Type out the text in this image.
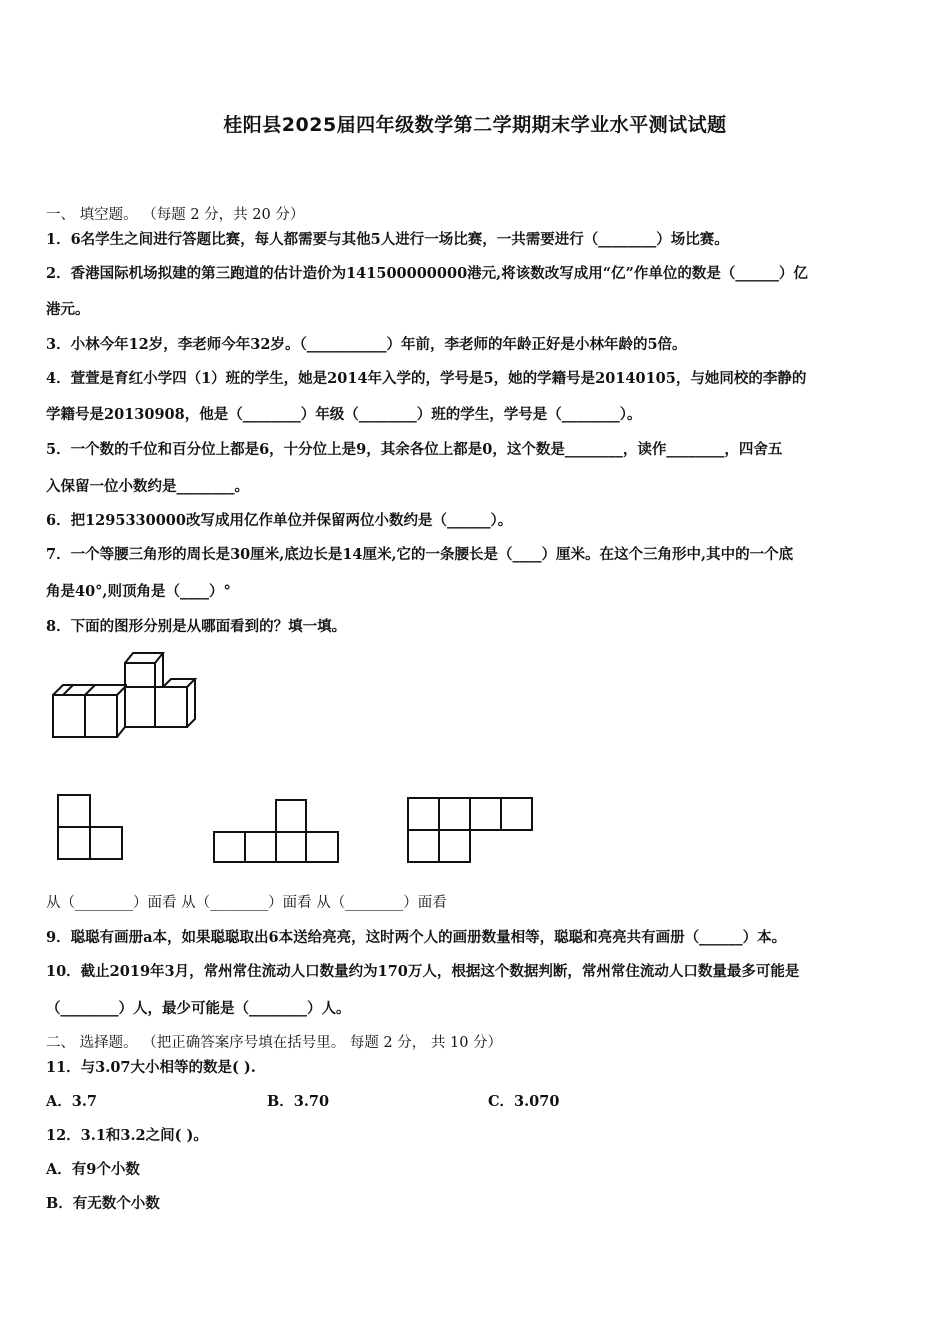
桂阳县2025届四年级数学第二学期期末学业水平测试试题
一、 填空题。 （每题 2 分，共 20 分）
1．6名学生之间进行答题比赛，每人都需要与其他5人进行一场比赛，一共需要进行（________）场比赛。
2．香港国际机场拟建的第三跑道的估计造价为141500000000港元,将该数改写成用“亿”作单位的数是（______）亿
港元。
3．小林今年12岁，李老师今年32岁。（___________）年前，李老师的年龄正好是小林年龄的5倍。
4．萱萱是育红小学四（1）班的学生，她是2014年入学的，学号是5，她的学籍号是20140105，与她同校的李静的
学籍号是20130908，他是（________）年级（________）班的学生，学号是（________）。
5．一个数的千位和百分位上都是6，十分位上是9，其余各位上都是0，这个数是________，读作________，四舍五
入保留一位小数约是________。
6．把1295330000改写成用亿作单位并保留两位小数约是（______）。
7．一个等腰三角形的周长是30厘米,底边长是14厘米,它的一条腰长是（____）厘米。在这个三角形中,其中的一个底
角是40°,则顶角是（____）°
8．下面的图形分别是从哪面看到的？填一填。
从（________）面看 从（________）面看 从（________）面看
9．聪聪有画册a本，如果聪聪取出6本送给亮亮，这时两个人的画册数量相等，聪聪和亮亮共有画册（______）本。
10．截止2019年3月，常州常住流动人口数量约为170万人，根据这个数据判断，常州常住流动人口数量最多可能是
（________）人，最少可能是（________）人。
二、 选择题。 （把正确答案序号填在括号里。 每题 2 分， 共 10 分）
11．与3.07大小相等的数是( ).
A．3.7	B．3.70	C．3.070
12．3.1和3.2之间( )。
A．有9个小数
B．有无数个小数
